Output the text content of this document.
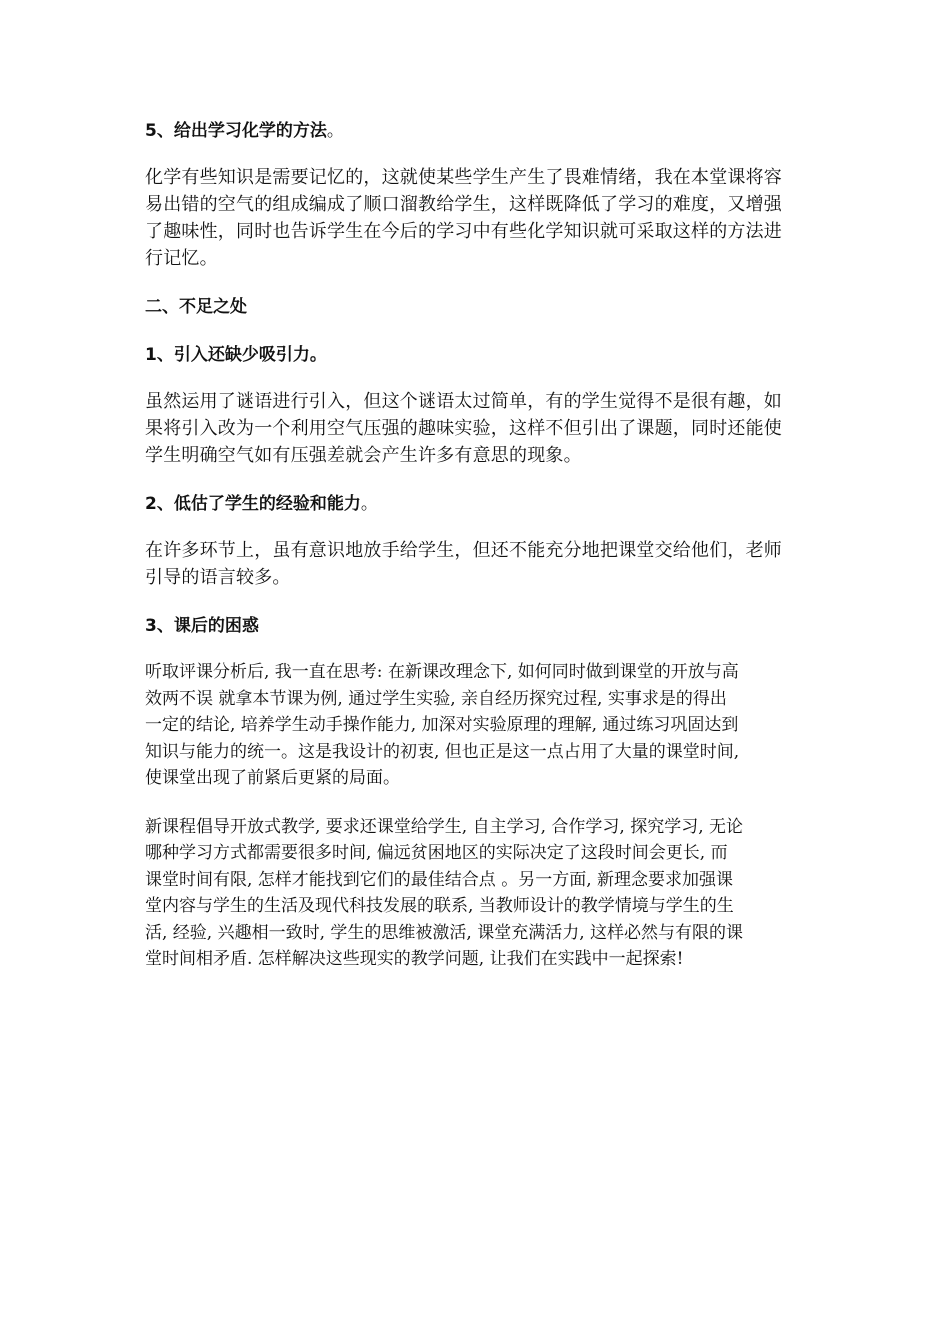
5、给出学习化学的方法。

化学有些知识是需要记忆的，这就使某些学生产生了畏难情绪，我在本堂课将容
易出错的空气的组成编成了顺口溜教给学生，这样既降低了学习的难度，又增强
了趣味性，同时也告诉学生在今后的学习中有些化学知识就可采取这样的方法进
行记忆。

二、不足之处

1、引入还缺少吸引力。

虽然运用了谜语进行引入，但这个谜语太过简单，有的学生觉得不是很有趣，如
果将引入改为一个利用空气压强的趣味实验，这样不但引出了课题，同时还能使
学生明确空气如有压强差就会产生许多有意思的现象。

2、低估了学生的经验和能力。

在许多环节上，虽有意识地放手给学生，但还不能充分地把课堂交给他们，老师
引导的语言较多。

3、课后的困惑

听取评课分析后, 我一直在思考: 在新课改理念下, 如何同时做到课堂的开放与高
效两不误 就拿本节课为例, 通过学生实验, 亲自经历探究过程, 实事求是的得出
一定的结论, 培养学生动手操作能力, 加深对实验原理的理解, 通过练习巩固达到
知识与能力的统一。这是我设计的初衷, 但也正是这一点占用了大量的课堂时间,
使课堂出现了前紧后更紧的局面。
新课程倡导开放式教学, 要求还课堂给学生, 自主学习, 合作学习, 探究学习, 无论
哪种学习方式都需要很多时间, 偏远贫困地区的实际决定了这段时间会更长, 而
课堂时间有限, 怎样才能找到它们的最佳结合点 。另一方面, 新理念要求加强课
堂内容与学生的生活及现代科技发展的联系, 当教师设计的教学情境与学生的生
活, 经验, 兴趣相一致时, 学生的思维被激活, 课堂充满活力, 这样必然与有限的课
堂时间相矛盾. 怎样解决这些现实的教学问题, 让我们在实践中一起探索!
